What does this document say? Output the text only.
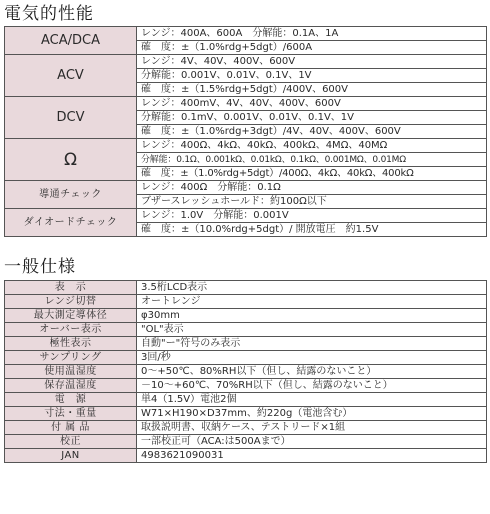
電気的性能
ACA/DCA	レンジ：400A、600A　分解能：0.1A、1A
	確　度：±（1.0%rdg+5dgt）/600A
ACV	レンジ：4V、40V、400V、600V
	分解能：0.001V、0.01V、0.1V、1V
	確　度：±（1.5%rdg+5dgt）/400V、600V
DCV	レンジ：400mV、4V、40V、400V、600V
	分解能：0.1mV、0.001V、0.01V、0.1V、1V
	確　度：±（1.0%rdg+3dgt）/4V、40V、400V、600V
Ω	レンジ：400Ω、4kΩ、40kΩ、400kΩ、4MΩ、40MΩ
	分解能：0.1Ω、0.001kΩ、0.01kΩ、0.1kΩ、0.001MΩ、0.01MΩ
	確　度：±（1.0%rdg+5dgt）/400Ω、4kΩ、40kΩ、400kΩ
導通チェック	レンジ：400Ω　分解能：0.1Ω
	ブザースレッシュホールド：約100Ω以下
ダイオードチェック	レンジ：1.0V　分解能：0.001V
	確　度：±（10.0%rdg+5dgt）/ 開放電圧　約1.5V
一般仕様
表　示	3.5桁LCD表示
レンジ切替	オートレンジ
最大測定導体径	φ30mm
オーバー表示	"OL"表示
極性表示	自動"ー"符号のみ表示
サンプリング	3回/秒
使用温湿度	0～+50℃、80%RH以下（但し、結露のないこと）
保存温湿度	－10～+60℃、70%RH以下（但し、結露のないこと）
電　源	単4（1.5V）電池2個
寸法・重量	W71×H190×D37mm、約220g（電池含む）
付 属 品	取扱説明書、収納ケース、テストリード×1組
校正	一部校正可（ACA:は500Aまで）
JAN	4983621090031
